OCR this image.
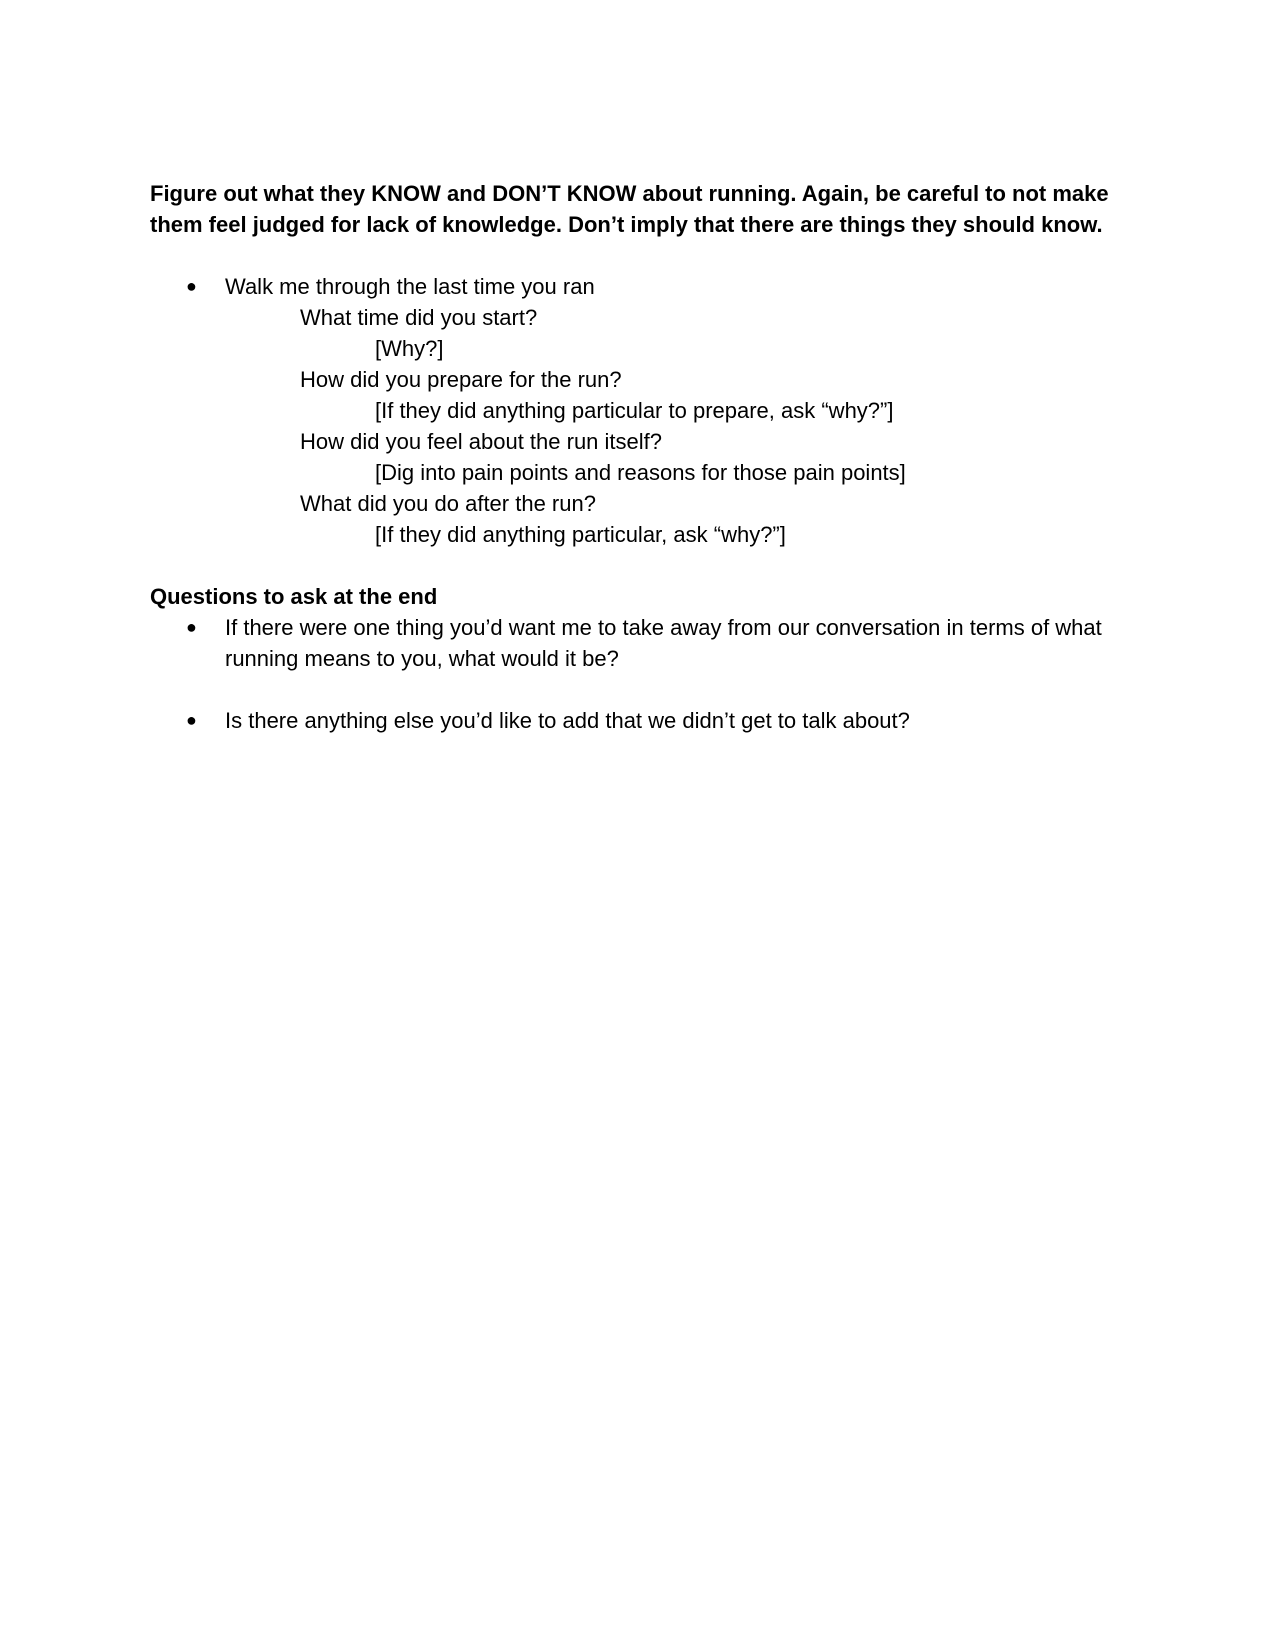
Figure out what they KNOW and DON’T KNOW about running. Again, be careful to not make them feel judged for lack of knowledge. Don’t imply that there are things they should know.

● Walk me through the last time you ran

What time did you start?

[Why?]

How did you prepare for the run?

[If they did anything particular to prepare, ask “why?”]

How did you feel about the run itself?

[Dig into pain points and reasons for those pain points]

What did you do after the run?

[If they did anything particular, ask “why?”]

Questions to ask at the end

● If there were one thing you’d want me to take away from our conversation in terms of what running means to you, what would it be?
● Is there anything else you’d like to add that we didn’t get to talk about?
